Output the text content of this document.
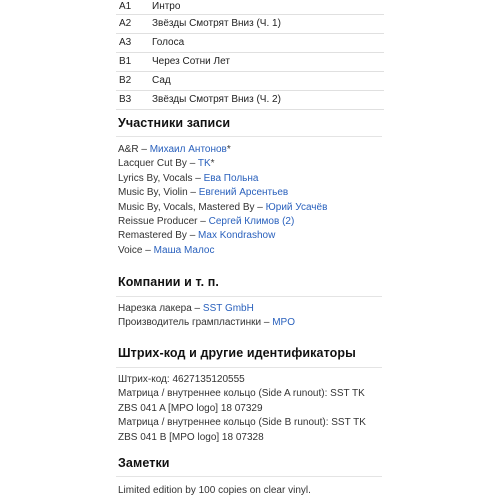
A1	Интро
A2	Звёзды Смотрят Вниз (Ч. 1)
A3	Голоса
B1	Через Сотни Лет
B2	Сад
B3	Звёзды Смотрят Вниз (Ч. 2)
Участники записи
A&R – Михаил Антонов*
Lacquer Cut By – TK*
Lyrics By, Vocals – Ева Польна
Music By, Violin – Евгений Арсентьев
Music By, Vocals, Mastered By – Юрий Усачёв
Reissue Producer – Сергей Климов (2)
Remastered By – Max Kondrashow
Voice – Маша Малос
Компании и т. п.
Нарезка лакера – SST GmbH
Производитель грампластинки – MPO
Штрих-код и другие идентификаторы
Штрих-код: 4627135120555
Матрица / внутреннее кольцо (Side A runout): SST TK
ZBS 041 A [MPO logo] 18 07329
Матрица / внутреннее кольцо (Side B runout): SST TK
ZBS 041 B [MPO logo] 18 07328
Заметки
Limited edition by 100 copies on clear vinyl.
